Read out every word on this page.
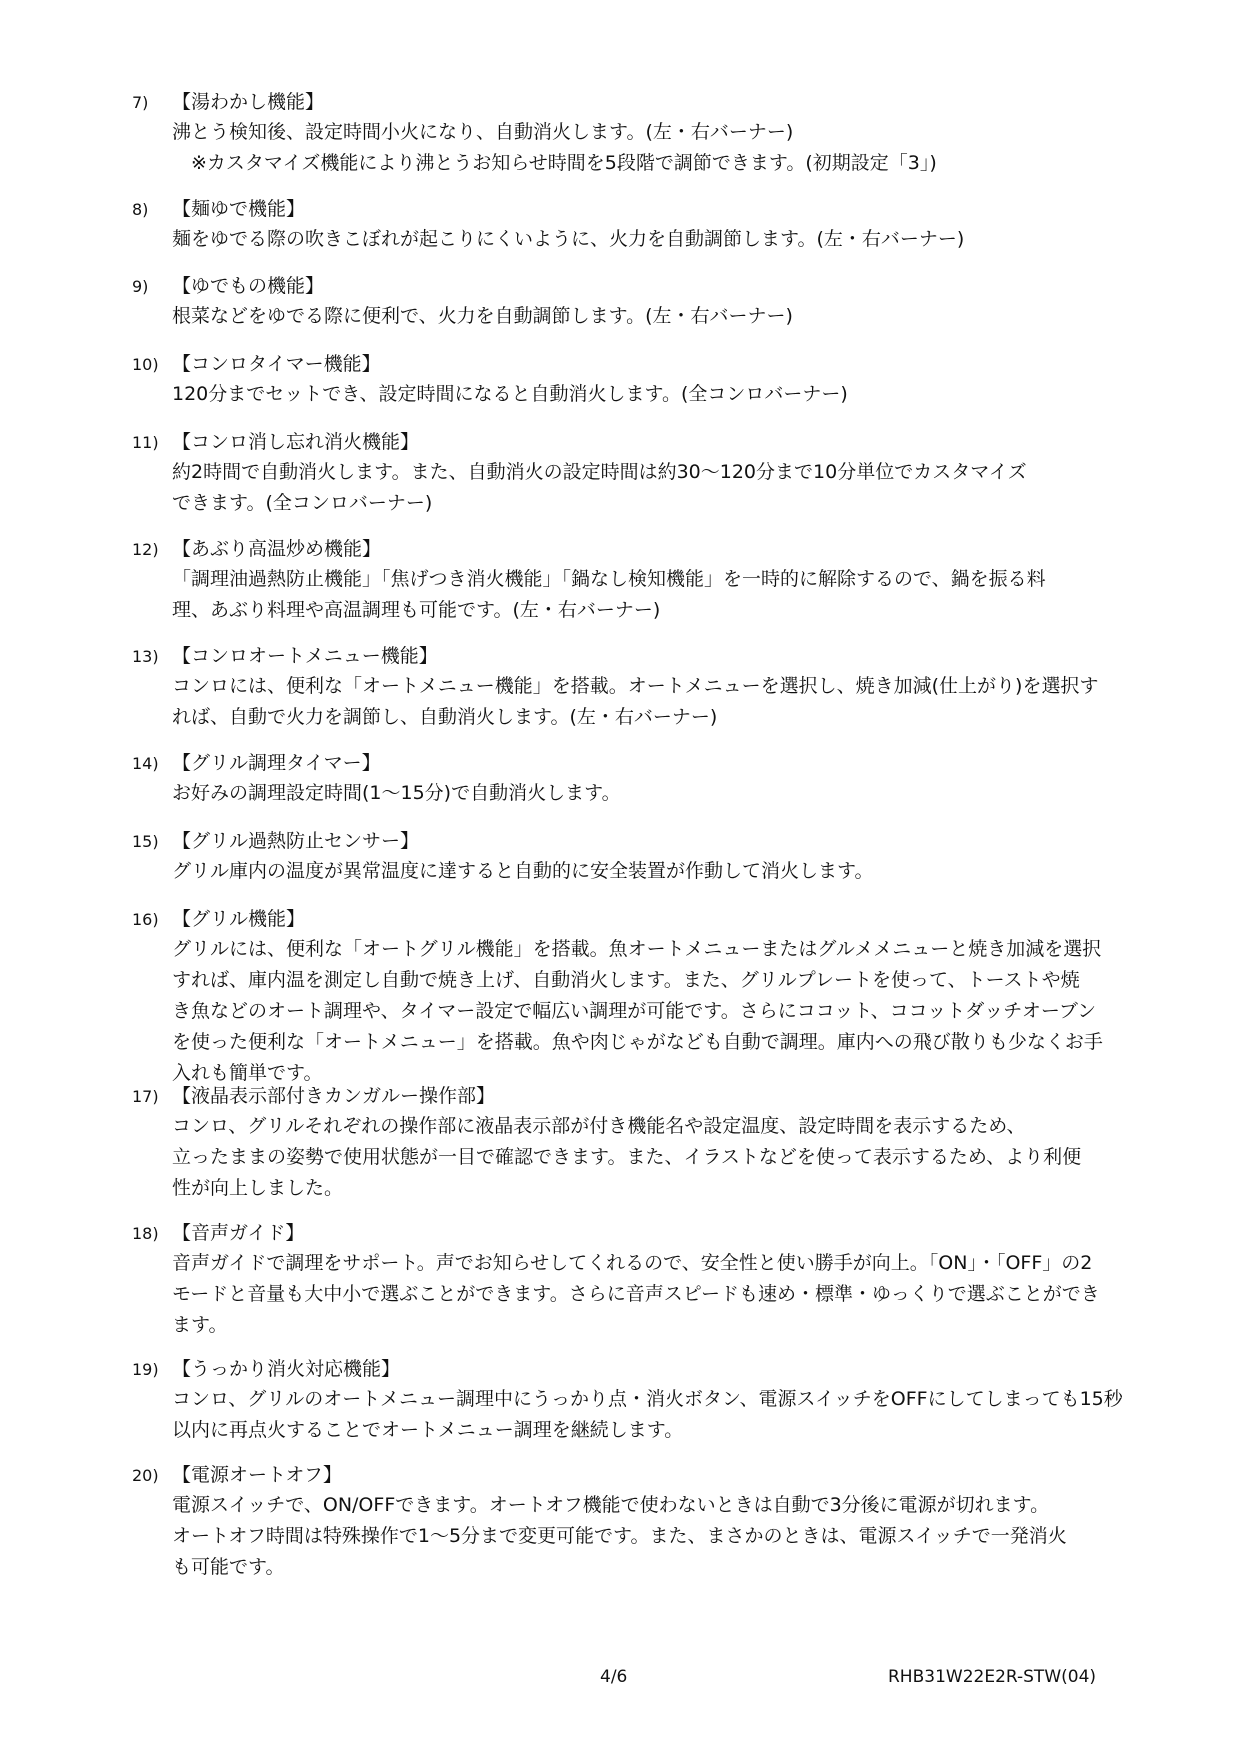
7) 【湯わかし機能】
沸とう検知後、設定時間小火になり、自動消火します。(左・右バーナー)
　※カスタマイズ機能により沸とうお知らせ時間を5段階で調節できます。(初期設定「3」)
8) 【麺ゆで機能】
麺をゆでる際の吹きこぼれが起こりにくいように、火力を自動調節します。(左・右バーナー)
9) 【ゆでもの機能】
根菜などをゆでる際に便利で、火力を自動調節します。(左・右バーナー)
10) 【コンロタイマー機能】
120分までセットでき、設定時間になると自動消火します。(全コンロバーナー)
11) 【コンロ消し忘れ消火機能】
約2時間で自動消火します。また、自動消火の設定時間は約30～120分まで10分単位でカスタマイズ
できます。(全コンロバーナー)
12) 【あぶり高温炒め機能】
「調理油過熱防止機能」「焦げつき消火機能」「鍋なし検知機能」を一時的に解除するので、鍋を振る料
理、あぶり料理や高温調理も可能です。(左・右バーナー)
13) 【コンロオートメニュー機能】
コンロには、便利な「オートメニュー機能」を搭載。オートメニューを選択し、焼き加減(仕上がり)を選択す
れば、自動で火力を調節し、自動消火します。(左・右バーナー)
14) 【グリル調理タイマー】
お好みの調理設定時間(1～15分)で自動消火します。
15) 【グリル過熱防止センサー】
グリル庫内の温度が異常温度に達すると自動的に安全装置が作動して消火します。
16) 【グリル機能】
グリルには、便利な「オートグリル機能」を搭載。魚オートメニューまたはグルメメニューと焼き加減を選択
すれば、庫内温を測定し自動で焼き上げ、自動消火します。また、グリルプレートを使って、トーストや焼
き魚などのオート調理や、タイマー設定で幅広い調理が可能です。さらにココット、ココットダッチオーブン
を使った便利な「オートメニュー」を搭載。魚や肉じゃがなども自動で調理。庫内への飛び散りも少なくお手
入れも簡単です。
17) 【液晶表示部付きカンガルー操作部】
コンロ、グリルそれぞれの操作部に液晶表示部が付き機能名や設定温度、設定時間を表示するため、
立ったままの姿勢で使用状態が一目で確認できます。また、イラストなどを使って表示するため、より利便
性が向上しました。
18) 【音声ガイド】
音声ガイドで調理をサポート。声でお知らせしてくれるので、安全性と使い勝手が向上。「ON」・「OFF」の2
モードと音量も大中小で選ぶことができます。さらに音声スピードも速め・標準・ゆっくりで選ぶことができ
ます。
19) 【うっかり消火対応機能】
コンロ、グリルのオートメニュー調理中にうっかり点・消火ボタン、電源スイッチをOFFにしてしまっても15秒
以内に再点火することでオートメニュー調理を継続します。
20) 【電源オートオフ】
電源スイッチで、ON/OFFできます。オートオフ機能で使わないときは自動で3分後に電源が切れます。
オートオフ時間は特殊操作で1～5分まで変更可能です。また、まさかのときは、電源スイッチで一発消火
も可能です。
4/6	RHB31W22E2R-STW(04)
